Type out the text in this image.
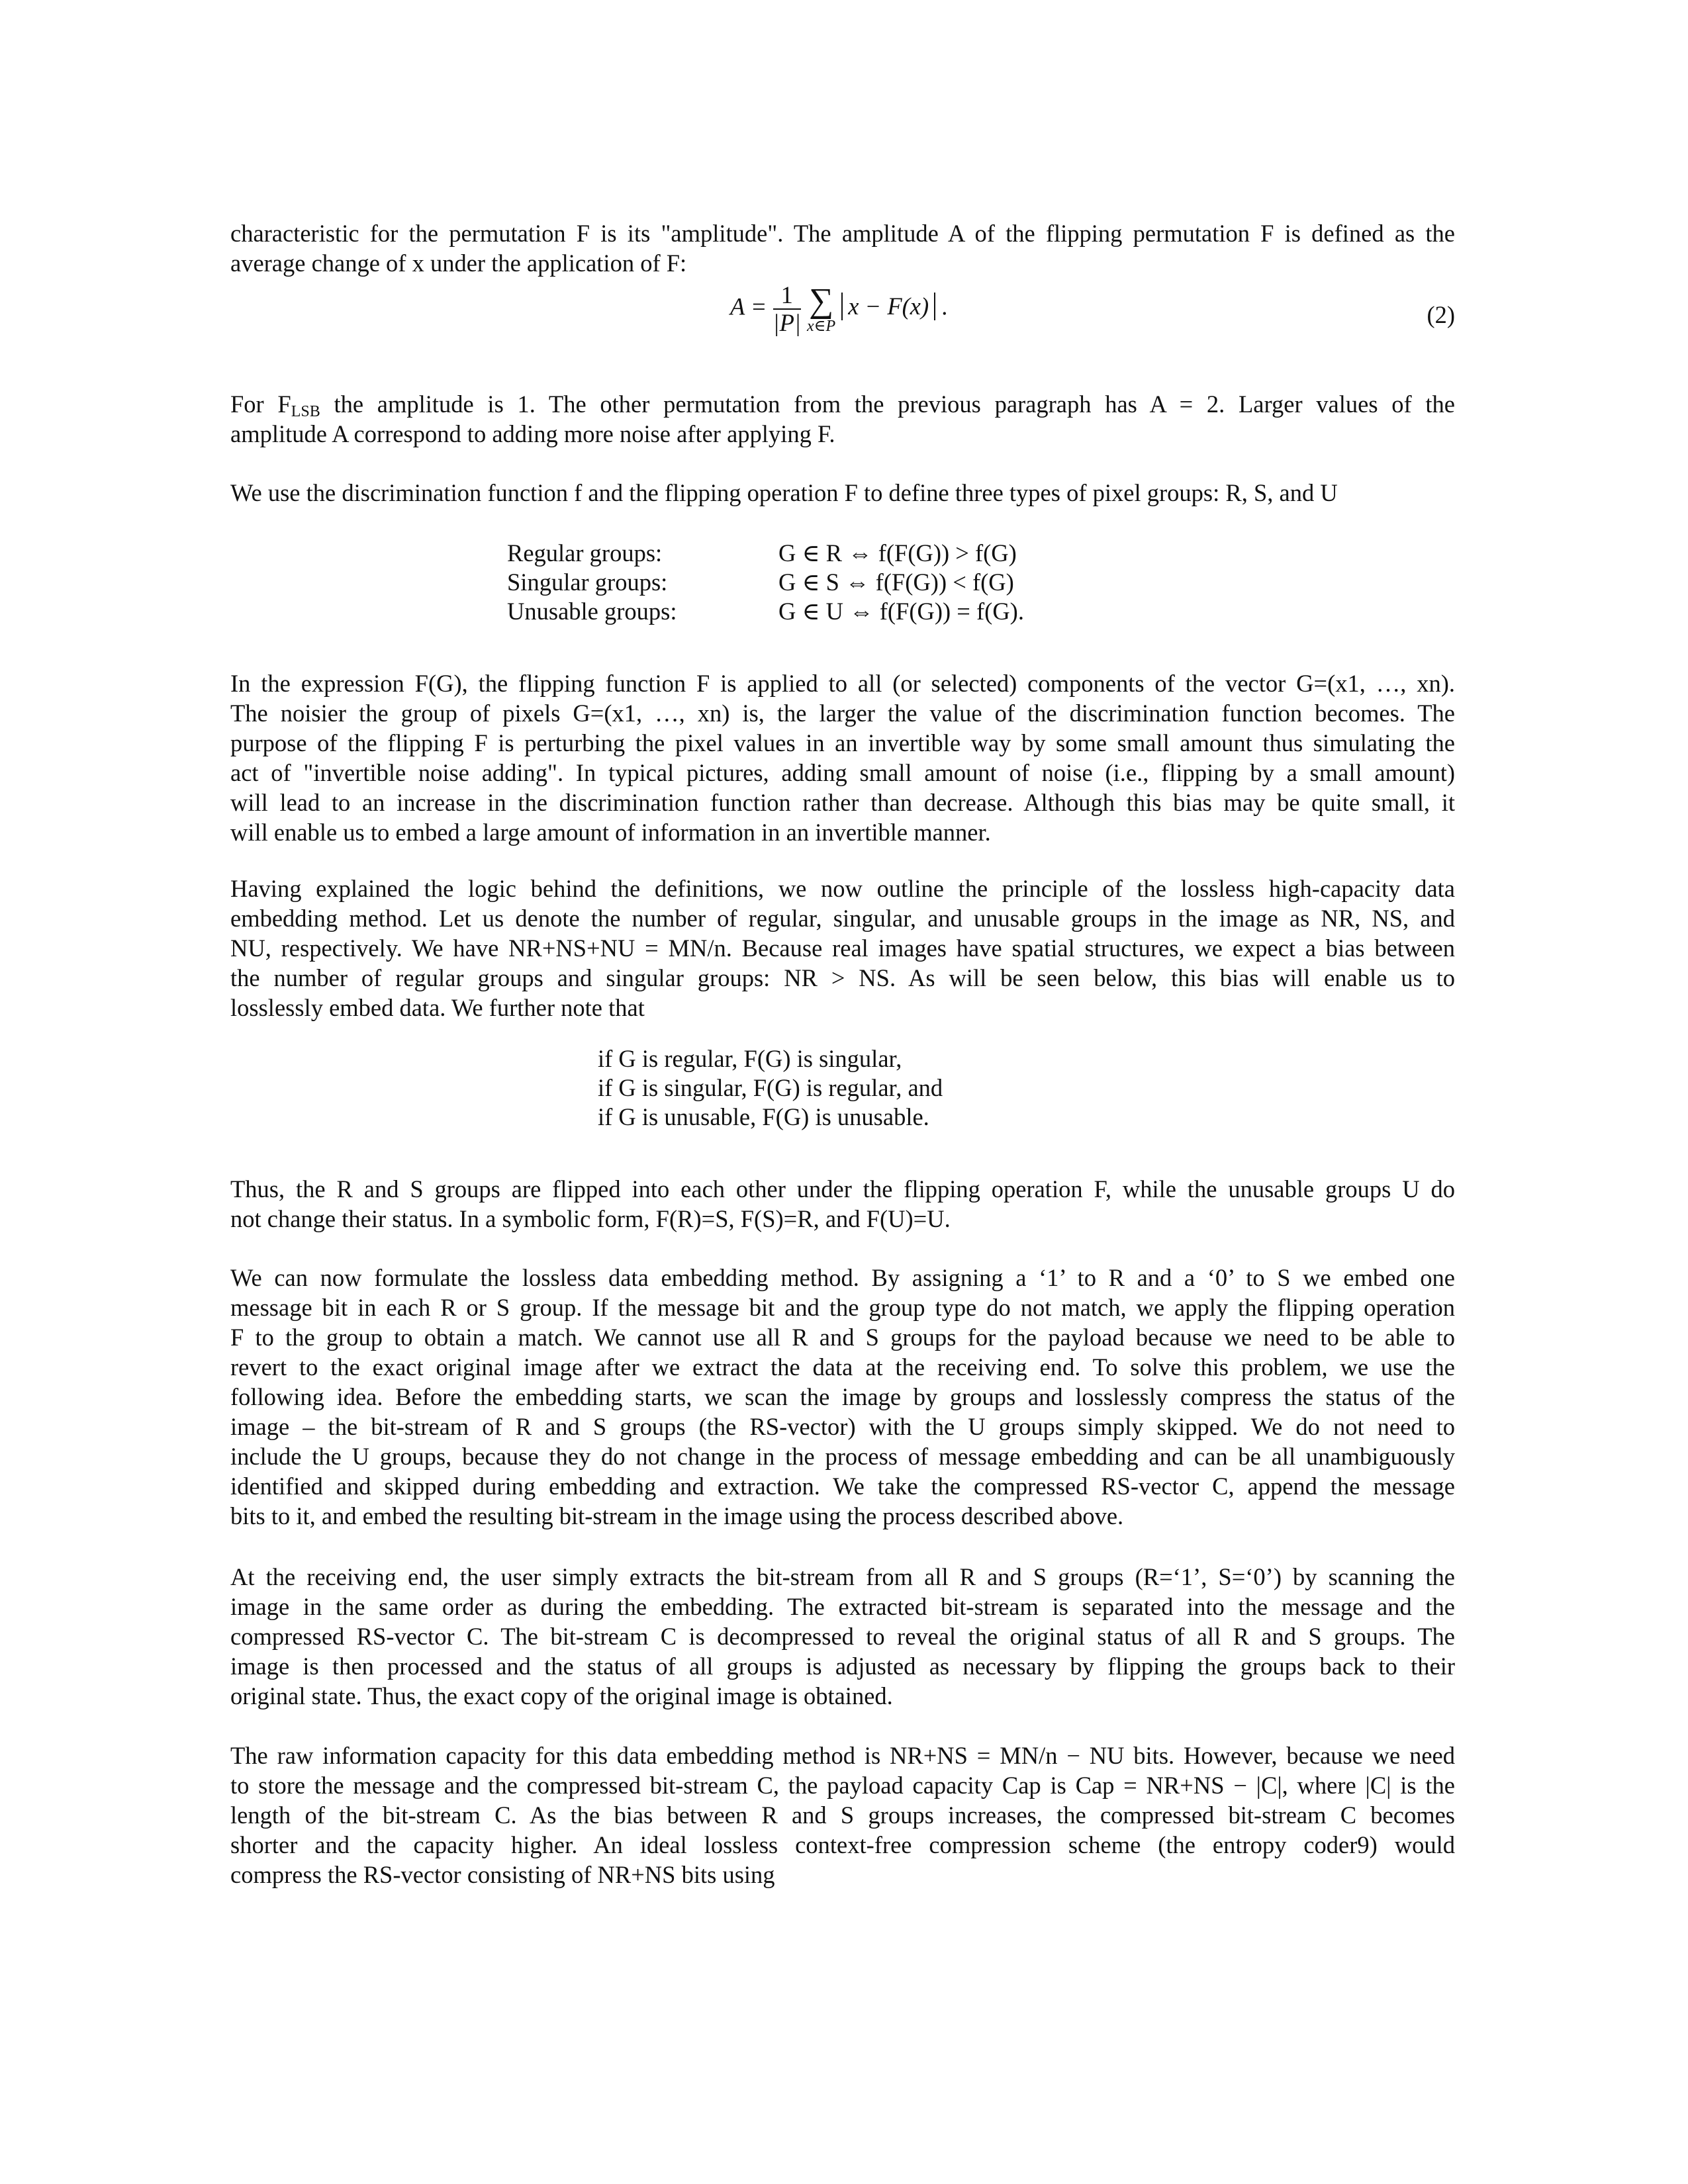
characteristic for the permutation F is its "amplitude". The amplitude A of the flipping permutation F is defined as the
average change of x under the application of F:

$A = \frac{1}{|P|}$
∑
x∈P
x − F(x) .	(2)

For $F_{LSB}$ the amplitude is 1. The other permutation from the previous paragraph has A = 2. Larger values of the
amplitude A correspond to adding more noise after applying F.

We use the discrimination function f and the flipping operation F to define three types of pixel groups: R, S, and U

Regular groups:	G ∈ R ⇔ f(F(G)) > f(G)
Singular groups:	G ∈ S ⇔ f(F(G)) < f(G)
Unusable groups:	G ∈ U ⇔ f(F(G)) = f(G).

In the expression F(G), the flipping function F is applied to all (or selected) components of the vector G=(x1, …, xn).
The noisier the group of pixels G=(x1, …, xn) is, the larger the value of the discrimination function becomes. The
purpose of the flipping F is perturbing the pixel values in an invertible way by some small amount thus simulating the
act of "invertible noise adding". In typical pictures, adding small amount of noise (i.e., flipping by a small amount)
will lead to an increase in the discrimination function rather than decrease. Although this bias may be quite small, it
will enable us to embed a large amount of information in an invertible manner.

Having explained the logic behind the definitions, we now outline the principle of the lossless high-capacity data
embedding method. Let us denote the number of regular, singular, and unusable groups in the image as NR, NS, and
NU, respectively. We have NR+NS+NU = MN/n. Because real images have spatial structures, we expect a bias between
the number of regular groups and singular groups: NR > NS. As will be seen below, this bias will enable us to
losslessly embed data. We further note that

if G is regular, F(G) is singular,
if G is singular, F(G) is regular, and
if G is unusable, F(G) is unusable.

Thus, the R and S groups are flipped into each other under the flipping operation F, while the unusable groups U do
not change their status. In a symbolic form, F(R)=S, F(S)=R, and F(U)=U.

We can now formulate the lossless data embedding method. By assigning a ‘1’ to R and a ‘0’ to S we embed one
message bit in each R or S group. If the message bit and the group type do not match, we apply the flipping operation
F to the group to obtain a match. We cannot use all R and S groups for the payload because we need to be able to
revert to the exact original image after we extract the data at the receiving end. To solve this problem, we use the
following idea. Before the embedding starts, we scan the image by groups and losslessly compress the status of the
image – the bit-stream of R and S groups (the RS-vector) with the U groups simply skipped. We do not need to
include the U groups, because they do not change in the process of message embedding and can be all unambiguously
identified and skipped during embedding and extraction. We take the compressed RS-vector C, append the message
bits to it, and embed the resulting bit-stream in the image using the process described above.

At the receiving end, the user simply extracts the bit-stream from all R and S groups (R=‘1’, S=‘0’) by scanning the
image in the same order as during the embedding. The extracted bit-stream is separated into the message and the
compressed RS-vector C. The bit-stream C is decompressed to reveal the original status of all R and S groups. The
image is then processed and the status of all groups is adjusted as necessary by flipping the groups back to their
original state. Thus, the exact copy of the original image is obtained.

The raw information capacity for this data embedding method is NR+NS = MN/n − NU bits. However, because we need
to store the message and the compressed bit-stream C, the payload capacity Cap is Cap = NR+NS − |C|, where |C| is the
length of the bit-stream C. As the bias between R and S groups increases, the compressed bit-stream C becomes
shorter and the capacity higher. An ideal lossless context-free compression scheme (the entropy coder9) would
compress the RS-vector consisting of NR+NS bits using
